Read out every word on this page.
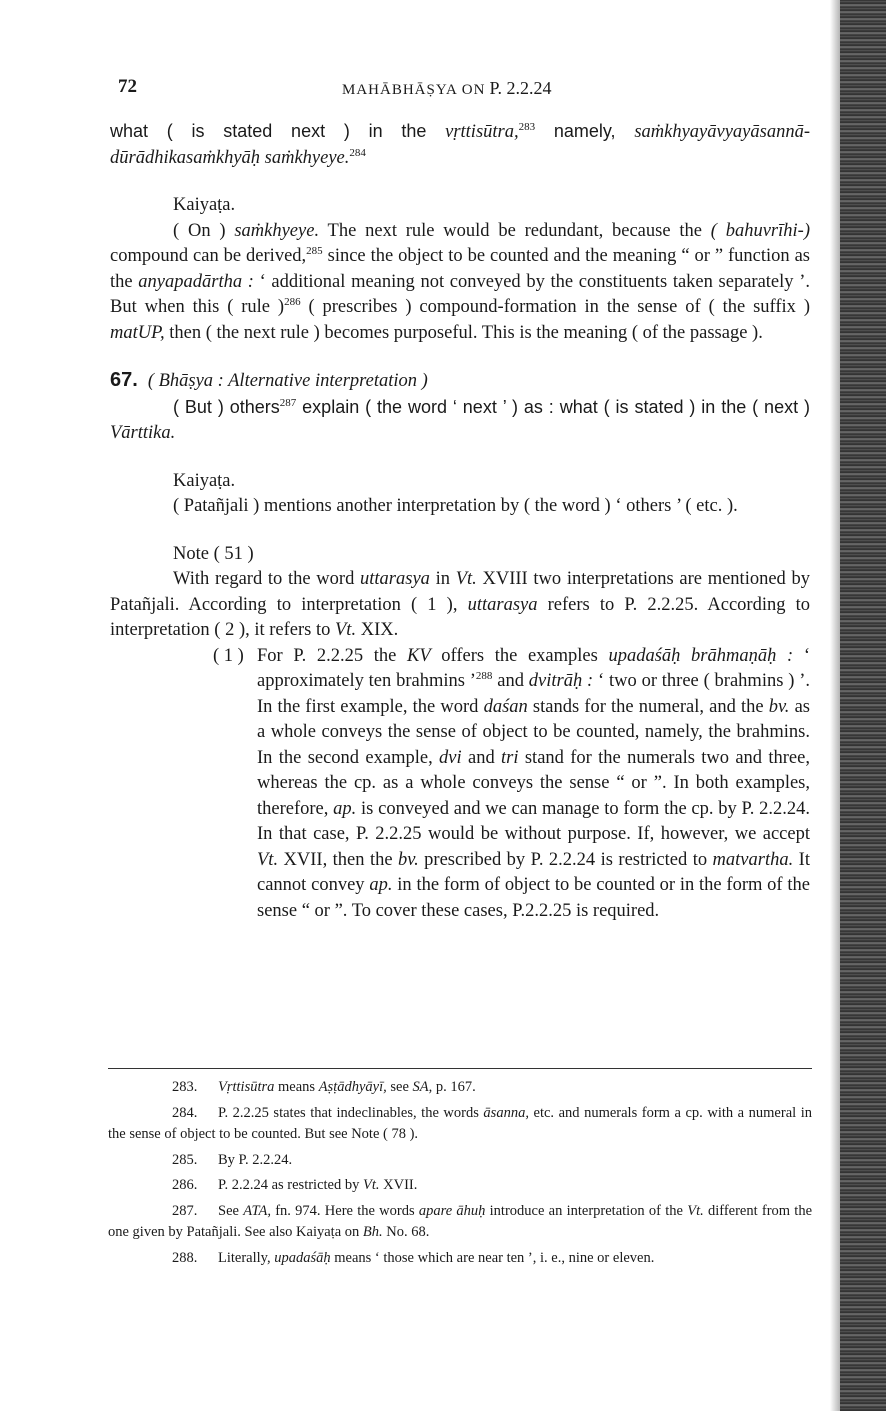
72	MAHĀBHĀṢYA ON P. 2.2.24

what ( is stated next ) in the vṛttisūtra,$^{283}$ namely, saṁkhyayāvyayāsannā-dūrādhikasaṁkhyāḥ saṁkhyeye.$^{284}$

Kaiyaṭa.

( On ) saṁkhyeye. The next rule would be redundant, because the ( bahuvrīhi-) compound can be derived,$^{285}$ since the object to be counted and the meaning “ or ” function as the anyapadārtha : ‘ additional meaning not conveyed by the constituents taken separately ’. But when this ( rule )$^{286}$ ( prescribes ) compound-formation in the sense of ( the suffix ) matUP, then ( the next rule ) becomes purposeful. This is the meaning ( of the passage ).

67. ( Bhāṣya : Alternative interpretation )

( But ) others$^{287}$ explain ( the word ‘ next ’ ) as : what ( is stated ) in the ( next ) Vārttika.

Kaiyaṭa.

( Patañjali ) mentions another interpretation by ( the word ) ‘ others ’ ( etc. ).

Note ( 51 )

With regard to the word uttarasya in Vt. XVIII two interpretations are mentioned by Patañjali. According to interpretation ( 1 ), uttarasya refers to P. 2.2.25. According to interpretation ( 2 ), it refers to Vt. XIX.

( 1 ) For P. 2.2.25 the KV offers the examples upadaśāḥ brāhmaṇāḥ : ‘ approximately ten brahmins ’$^{288}$ and dvitrāḥ : ‘ two or three ( brahmins ) ’. In the first example, the word daśan stands for the numeral, and the bv. as a whole conveys the sense of object to be counted, namely, the brahmins. In the second example, dvi and tri stand for the numerals two and three, whereas the cp. as a whole conveys the sense “ or ”. In both examples, therefore, ap. is conveyed and we can manage to form the cp. by P. 2.2.24. In that case, P. 2.2.25 would be without purpose. If, however, we accept Vt. XVII, then the bv. prescribed by P. 2.2.24 is restricted to matvartha. It cannot convey ap. in the form of object to be counted or in the form of the sense “ or ”. To cover these cases, P.2.2.25 is required.

283. Vṛttisūtra means Aṣṭādhyāyī, see SA, p. 167.

284. P. 2.2.25 states that indeclinables, the words āsanna, etc. and numerals form a cp. with a numeral in the sense of object to be counted. But see Note ( 78 ).

285. By P. 2.2.24.

286. P. 2.2.24 as restricted by Vt. XVII.

287. See ATA, fn. 974. Here the words apare āhuḥ introduce an interpretation of the Vt. different from the one given by Patañjali. See also Kaiyaṭa on Bh. No. 68.

288. Literally, upadaśāḥ means ‘ those which are near ten ’, i. e., nine or eleven.
